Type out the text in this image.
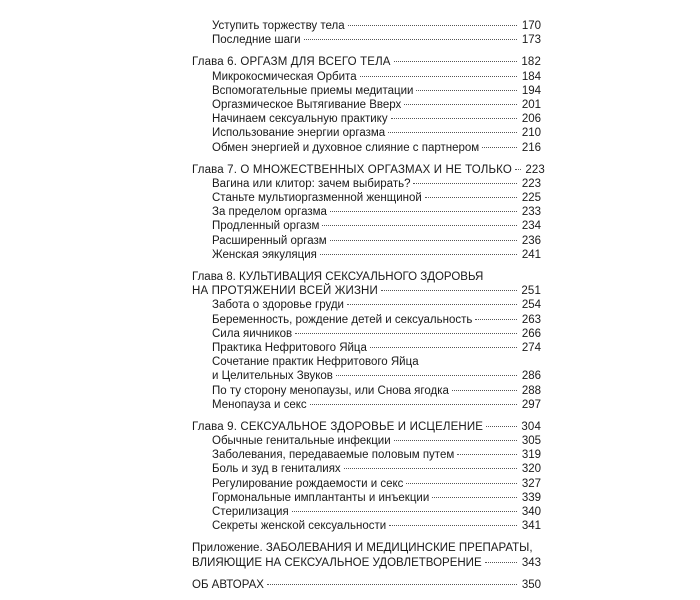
Уступить торжеству тела	170
Последние шаги	173
Глава 6. ОРГАЗМ ДЛЯ ВСЕГО ТЕЛА	182
Микрокосмическая Орбита	184
Вспомогательные приемы медитации	194
Оргазмическое Вытягивание Вверх	201
Начинаем сексуальную практику	206
Использование энергии оргазма	210
Обмен энергией и духовное слияние с партнером	216
Глава 7. О МНОЖЕСТВЕННЫХ ОРГАЗМАХ И НЕ ТОЛЬКО 223
Вагина или клитор: зачем выбирать?	223
Станьте мультиоргазменной женщиной	225
За пределом оргазма	233
Продленный оргазм	234
Расширенный оргазм	236
Женская эякуляция	241
Глава 8. КУЛЬТИВАЦИЯ СЕКСУАЛЬНОГО ЗДОРОВЬЯ
НА ПРОТЯЖЕНИИ ВСЕЙ ЖИЗНИ	251
Забота о здоровье груди	254
Беременность, рождение детей и сексуальность	263
Сила яичников	266
Практика Нефритового Яйца	274
Сочетание практик Нефритового Яйца
и Целительных Звуков	286
По ту сторону менопаузы, или Снова ягодка	288
Менопауза и секс	297
Глава 9. СЕКСУАЛЬНОЕ ЗДОРОВЬЕ И ИСЦЕЛЕНИЕ	304
Обычные генитальные инфекции	305
Заболевания, передаваемые половым путем	319
Боль и зуд в гениталиях	320
Регулирование рождаемости и секс	327
Гормональные имплантанты и инъекции	339
Стерилизация	340
Секреты женской сексуальности	341
Приложение. ЗАБОЛЕВАНИЯ И МЕДИЦИНСКИЕ ПРЕПАРАТЫ,
ВЛИЯЮЩИЕ НА СЕКСУАЛЬНОЕ УДОВЛЕТВОРЕНИЕ	343
ОБ АВТОРАХ	350
